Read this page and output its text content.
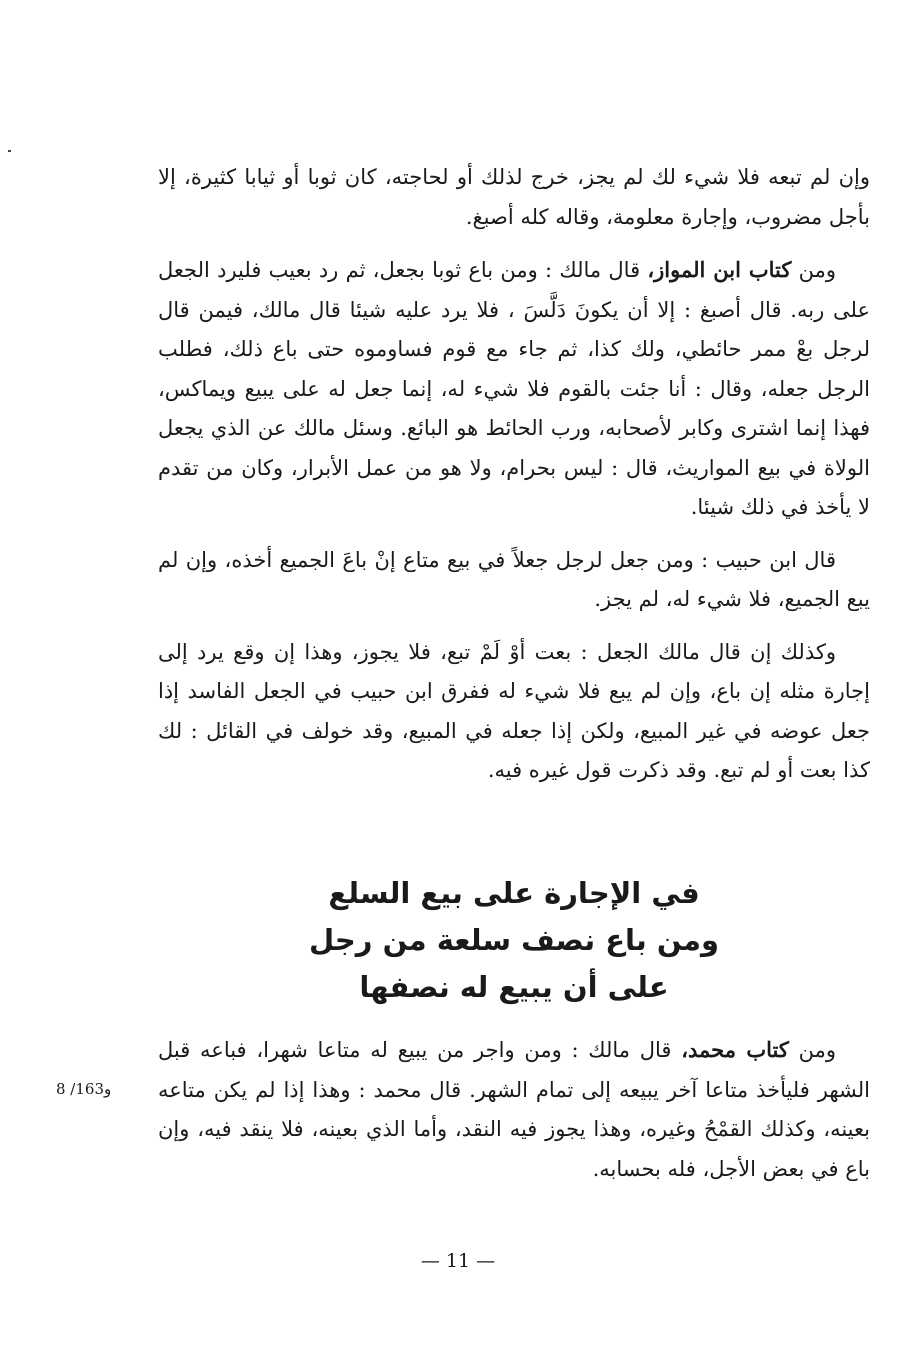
وإن لم تبعه فلا شيء لك لم يجز، خرج لذلك أو لحاجته، كان ثوبا أو ثيابا كثيرة، إلا بأجل مضروب، وإجارة معلومة، وقاله كله أصبغ.

ومن كتاب ابن المواز، قال مالك : ومن باع ثوبا بجعل، ثم رد بعيب فليرد الجعل على ربه. قال أصبغ : إلا أن يكونَ دَلَّسَ ، فلا يرد عليه شيئا قال مالك، فيمن قال لرجل بعْ ممر حائطي، ولك كذا، ثم جاء مع قوم فساوموه حتى باع ذلك، فطلب الرجل جعله، وقال : أنا جئت بالقوم فلا شيء له، إنما جعل له على يبيع ويماكس، فهذا إنما اشترى وكابر لأصحابه، ورب الحائط هو البائع. وسئل مالك عن الذي يجعل الولاة في بيع المواريث، قال : ليس بحرام، ولا هو من عمل الأبرار، وكان من تقدم لا يأخذ في ذلك شيئا.

قال ابن حبيب : ومن جعل لرجل جعلاً في بيع متاع إنْ باعَ الجميع أخذه، وإن لم يبع الجميع، فلا شيء له، لم يجز.

وكذلك إن قال مالك الجعل : بعت أوْ لَمْ تبع، فلا يجوز، وهذا إن وقع يرد إلى إجارة مثله إن باع، وإن لم يبع فلا شيء له ففرق ابن حبيب في الجعل الفاسد إذا جعل عوضه في غير المبيع، ولكن إذا جعله في المبيع، وقد خولف في القائل : لك كذا بعت أو لم تبع. وقد ذكرت قول غيره فيه.

في الإجارة على بيع السلع
ومن باع نصف سلعة من رجل
على أن يبيع له نصفها

ومن كتاب محمد، قال مالك : ومن واجر من يبيع له متاعا شهرا، فباعه قبل الشهر فليأخذ متاعا آخر يبيعه إلى تمام الشهر. قال محمد : وهذا إذا لم يكن متاعه بعينه، وكذلك القمْحُ وغيره، وهذا يجوز فيه النقد، وأما الذي بعينه، فلا ينقد فيه، وإن باع في بعض الأجل، فله بحسابه.

8 /163و
— 11 —
